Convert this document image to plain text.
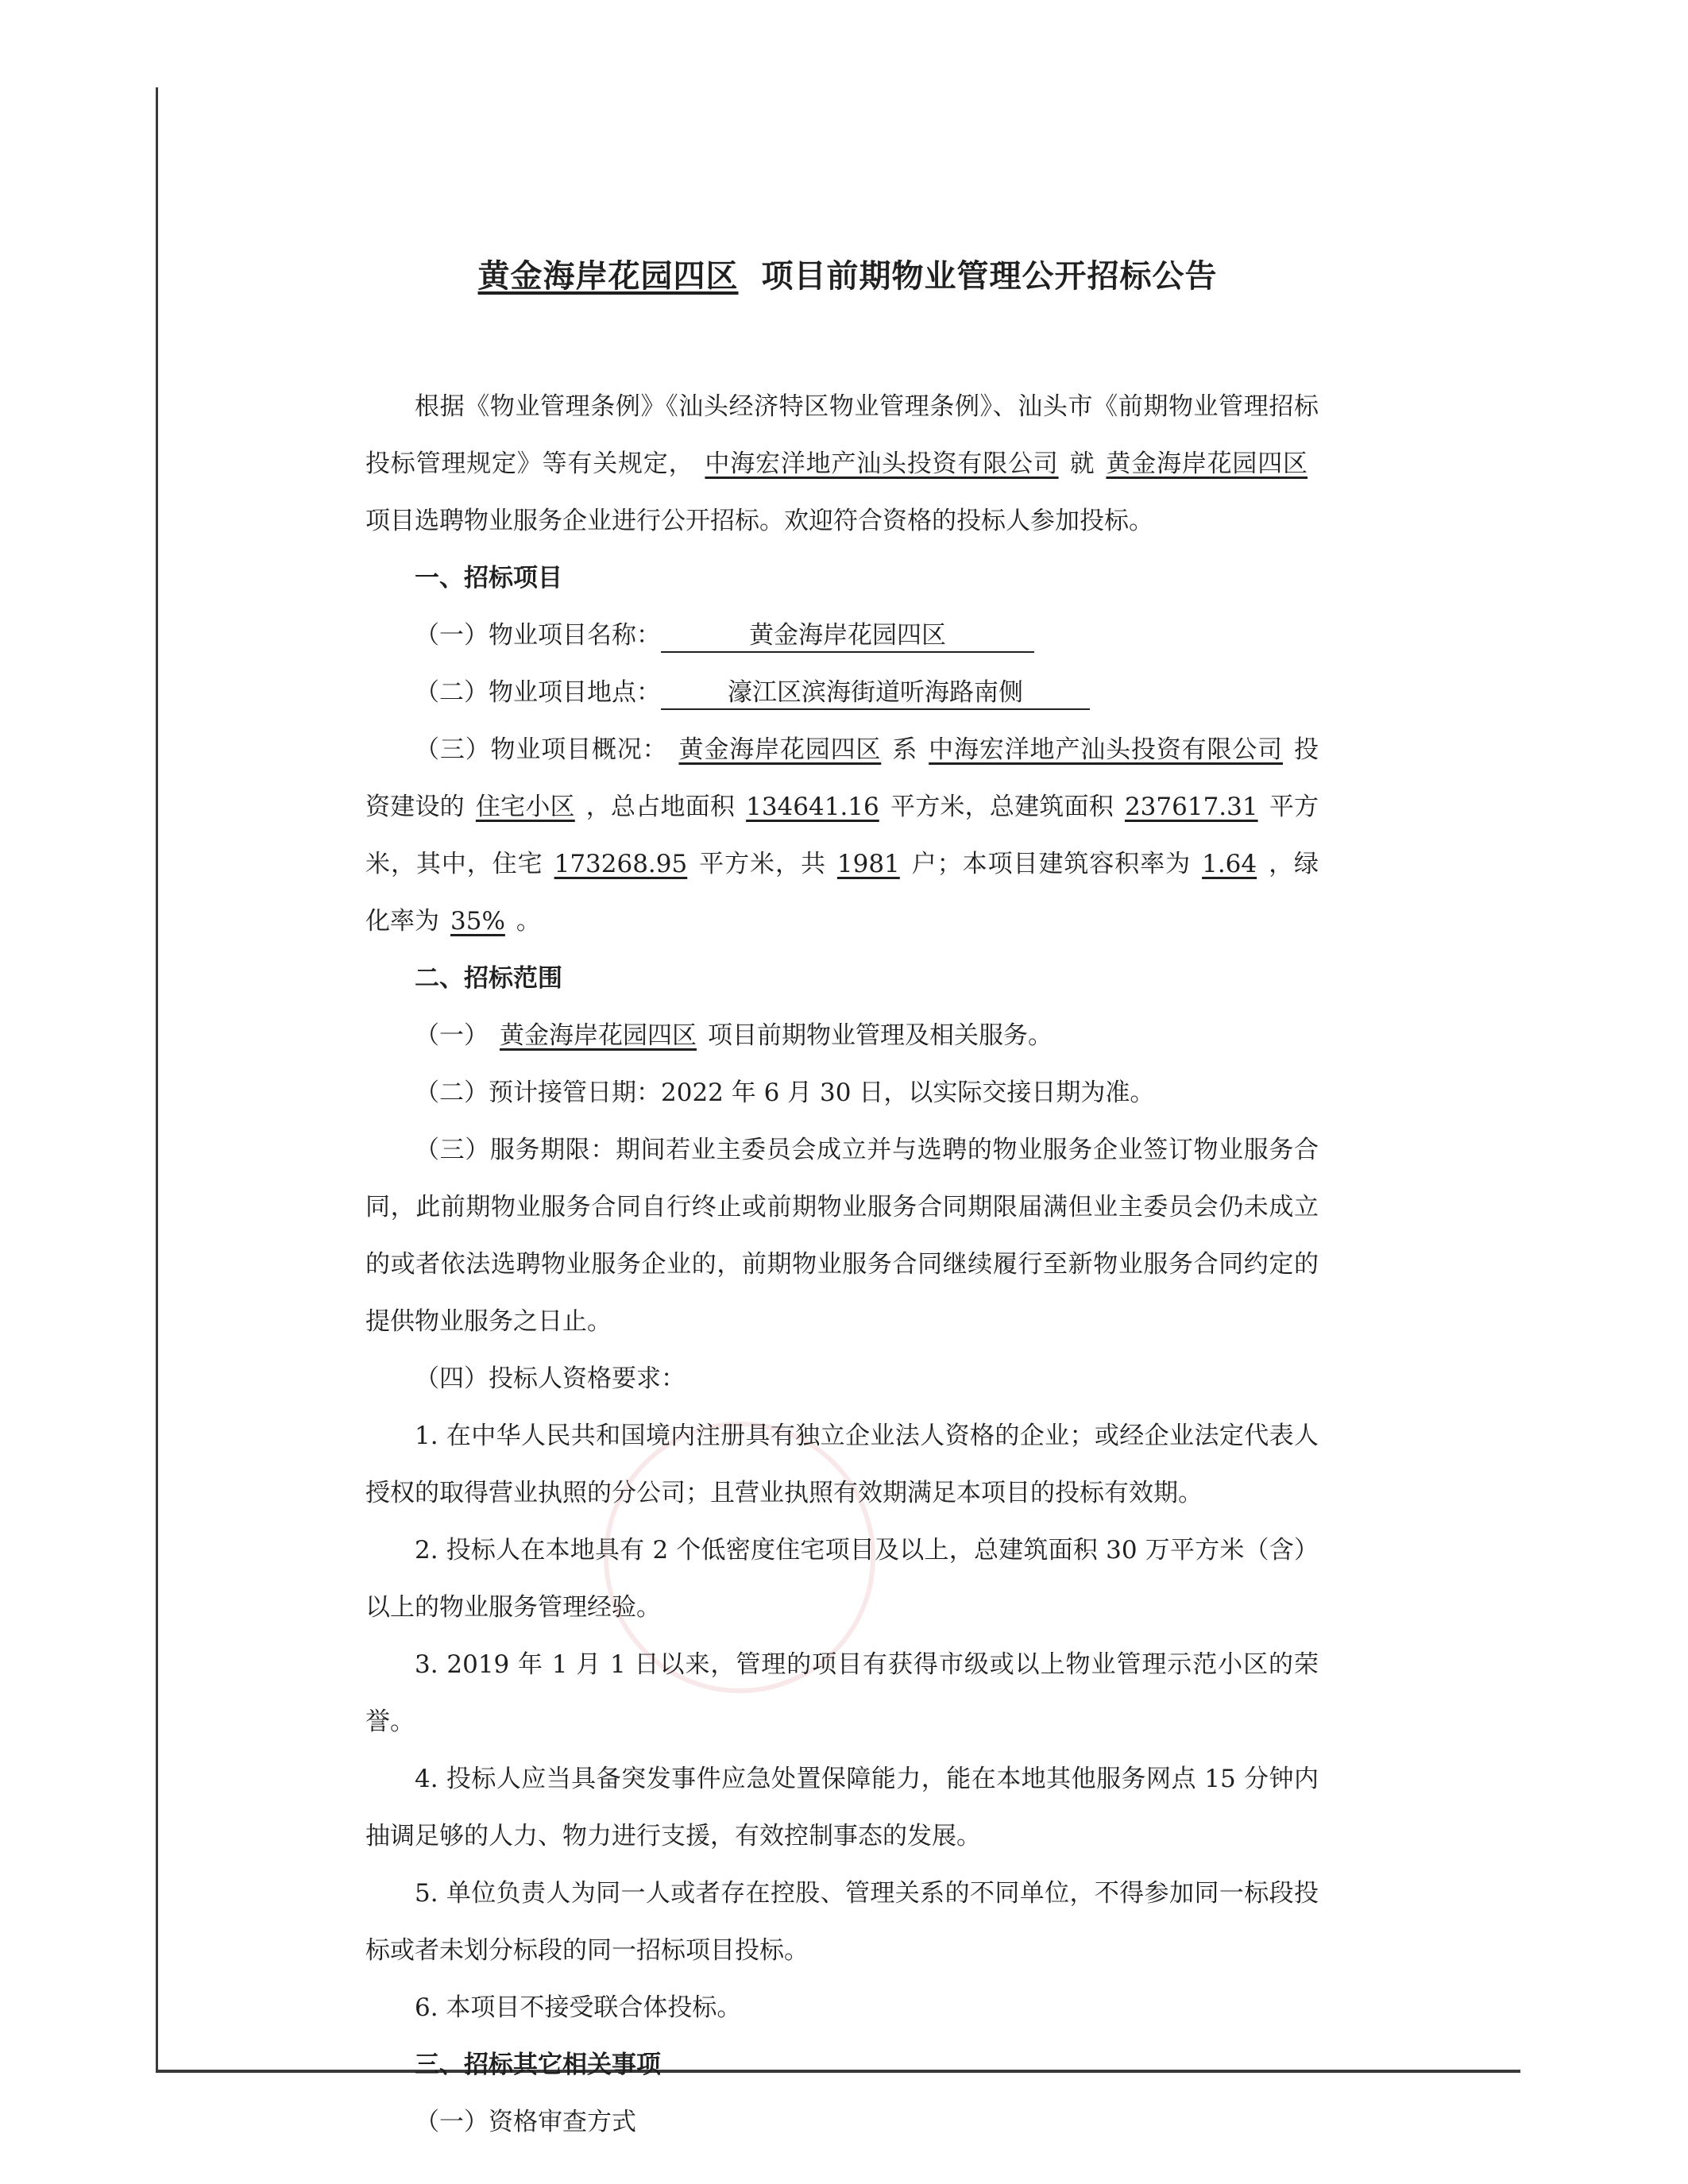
黄金海岸花园四区 项目前期物业管理公开招标公告

根据《物业管理条例》《汕头经济特区物业管理条例》、汕头市《前期物业管理招标投标管理规定》等有关规定， 中海宏洋地产汕头投资有限公司 就 黄金海岸花园四区项目选聘物业服务企业进行公开招标。欢迎符合资格的投标人参加投标。

一、招标项目

（一）物业项目名称：	黄金海岸花园四区

（二）物业项目地点：	濠江区滨海街道听海路南侧

（三）物业项目概况： 黄金海岸花园四区 系 中海宏洋地产汕头投资有限公司 投资建设的 住宅小区 ，总占地面积 134641.16 平方米，总建筑面积 237617.31 平方米，其中，住宅 173268.95 平方米，共 1981 户；本项目建筑容积率为 1.64 ，绿化率为 35% 。

二、招标范围

（一） 黄金海岸花园四区 项目前期物业管理及相关服务。

（二）预计接管日期：2022 年 6 月 30 日，以实际交接日期为准。

（三）服务期限：期间若业主委员会成立并与选聘的物业服务企业签订物业服务合同，此前期物业服务合同自行终止或前期物业服务合同期限届满但业主委员会仍未成立的或者依法选聘物业服务企业的，前期物业服务合同继续履行至新物业服务合同约定的提供物业服务之日止。

（四）投标人资格要求：

1. 在中华人民共和国境内注册具有独立企业法人资格的企业；或经企业法定代表人授权的取得营业执照的分公司；且营业执照有效期满足本项目的投标有效期。

2. 投标人在本地具有 2 个低密度住宅项目及以上，总建筑面积 30 万平方米（含）以上的物业服务管理经验。

3. 2019 年 1 月 1 日以来，管理的项目有获得市级或以上物业管理示范小区的荣誉。

4. 投标人应当具备突发事件应急处置保障能力，能在本地其他服务网点 15 分钟内抽调足够的人力、物力进行支援，有效控制事态的发展。

5. 单位负责人为同一人或者存在控股、管理关系的不同单位，不得参加同一标段投标或者未划分标段的同一招标项目投标。

6. 本项目不接受联合体投标。

三、招标其它相关事项

（一）资格审查方式
